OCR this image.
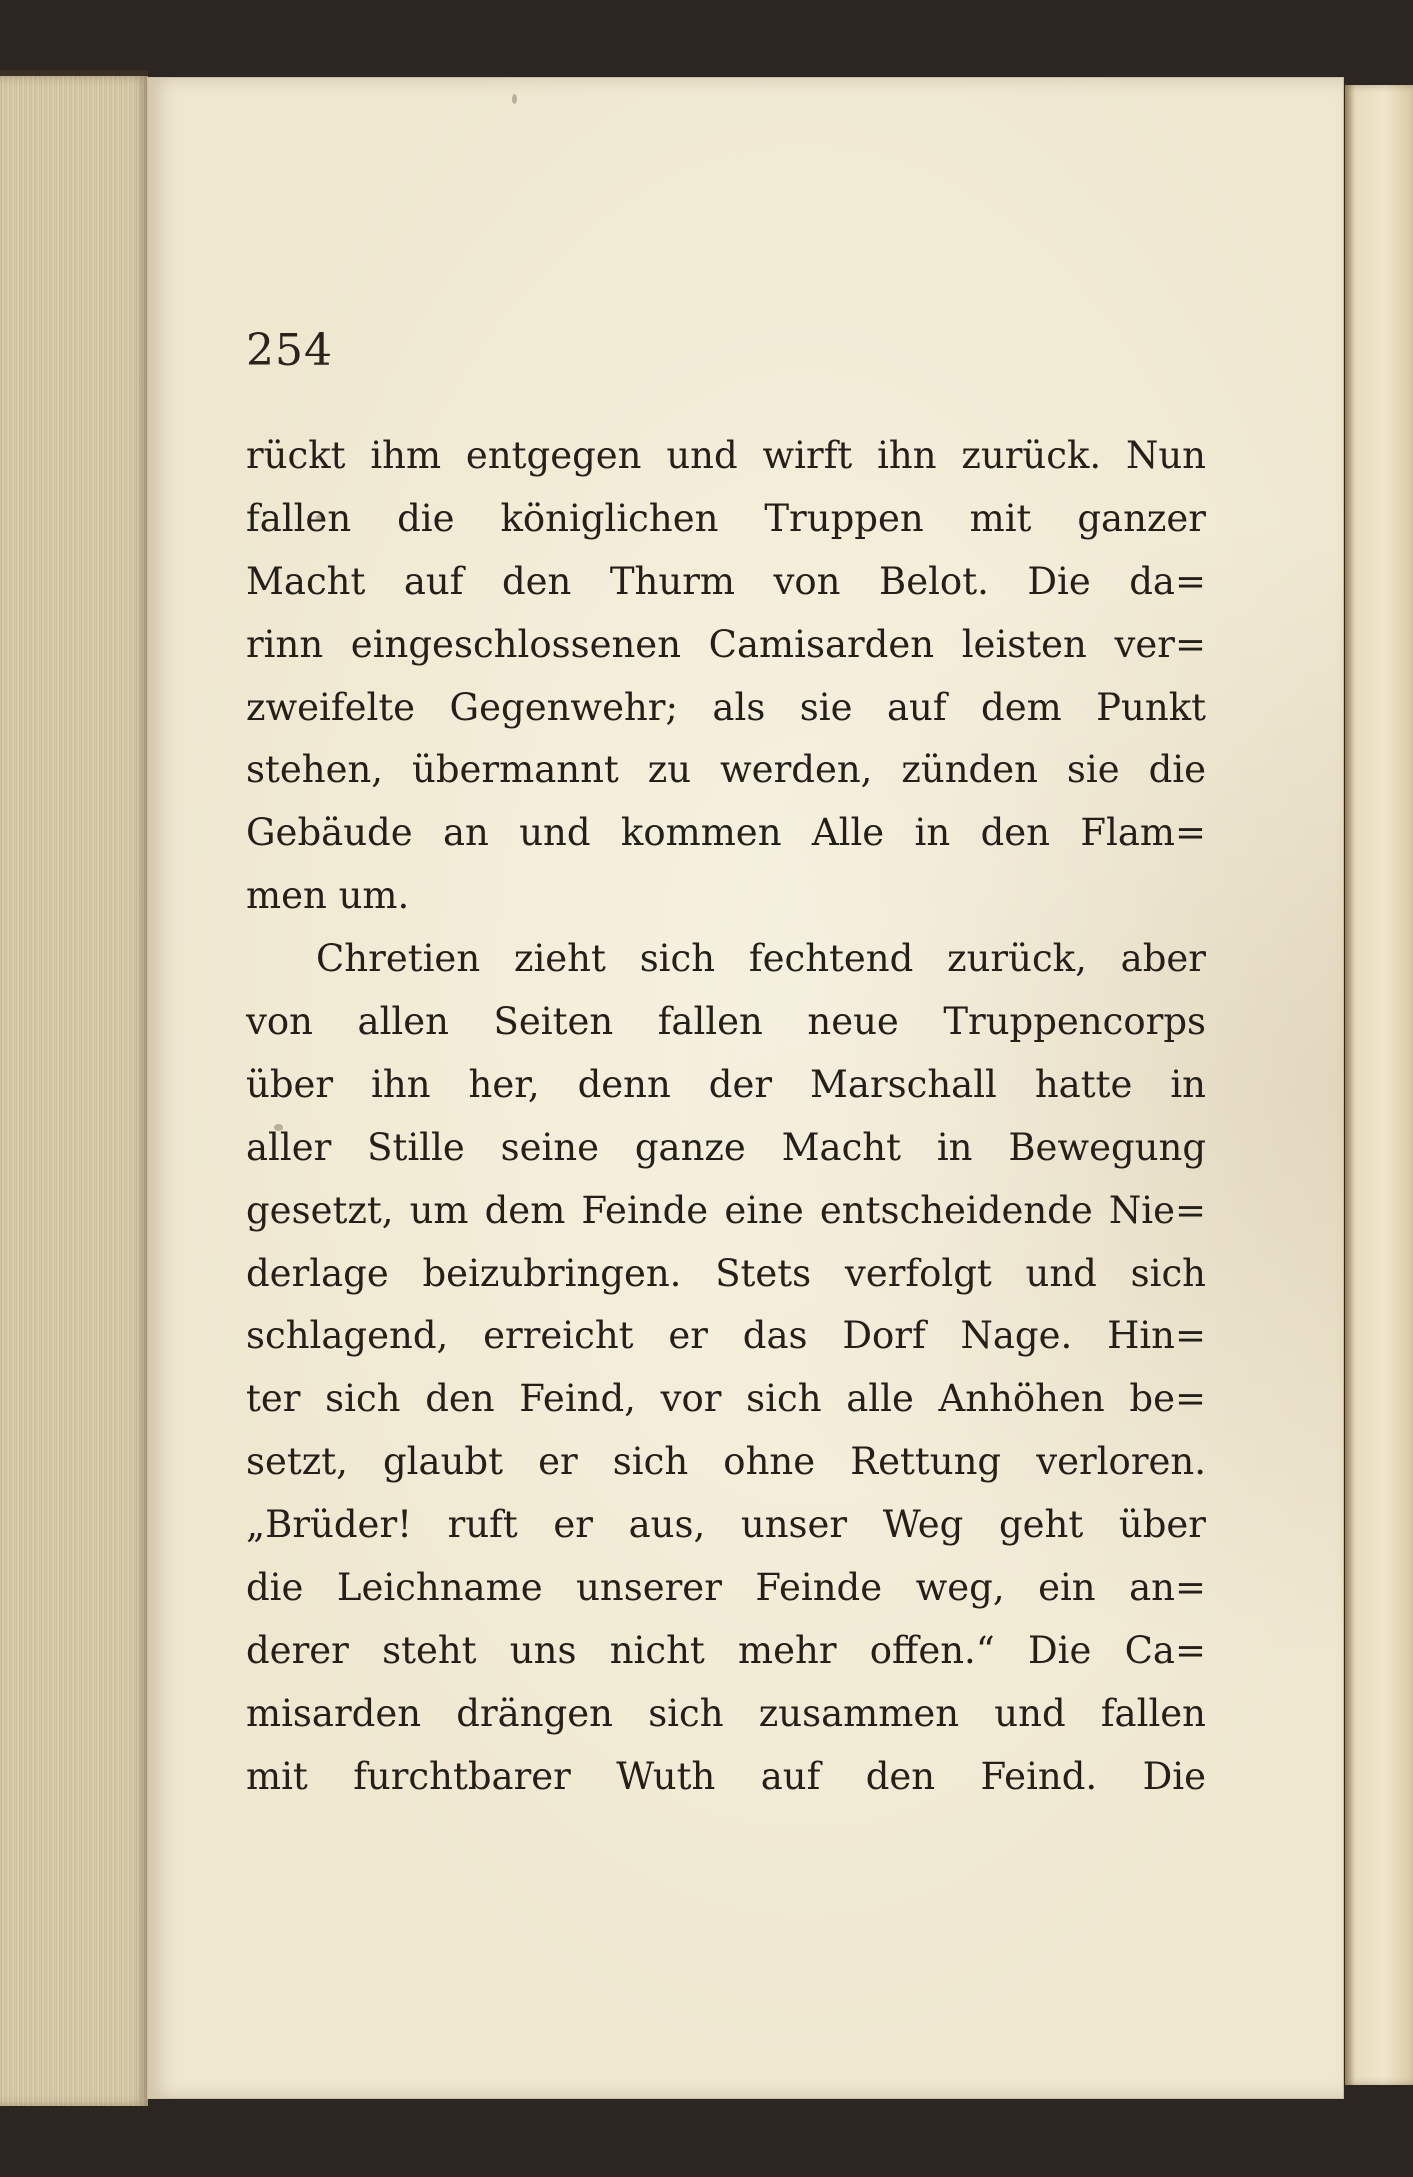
254
rückt ihm entgegen und wirft ihn zurück. Nun
fallen die königlichen Truppen mit ganzer
Macht auf den Thurm von Belot. Die da=
rinn eingeschlossenen Camisarden leisten ver=
zweifelte Gegenwehr; als sie auf dem Punkt
stehen, übermannt zu werden, zünden sie die
Gebäude an und kommen Alle in den Flam=
men um.
Chretien zieht sich fechtend zurück, aber
von allen Seiten fallen neue Truppencorps
über ihn her, denn der Marschall hatte in
aller Stille seine ganze Macht in Bewegung
gesetzt, um dem Feinde eine entscheidende Nie=
derlage beizubringen. Stets verfolgt und sich
schlagend, erreicht er das Dorf Nage. Hin=
ter sich den Feind, vor sich alle Anhöhen be=
setzt, glaubt er sich ohne Rettung verloren.
„Brüder! ruft er aus, unser Weg geht über
die Leichname unserer Feinde weg, ein an=
derer steht uns nicht mehr offen.“ Die Ca=
misarden drängen sich zusammen und fallen
mit furchtbarer Wuth auf den Feind. Die
